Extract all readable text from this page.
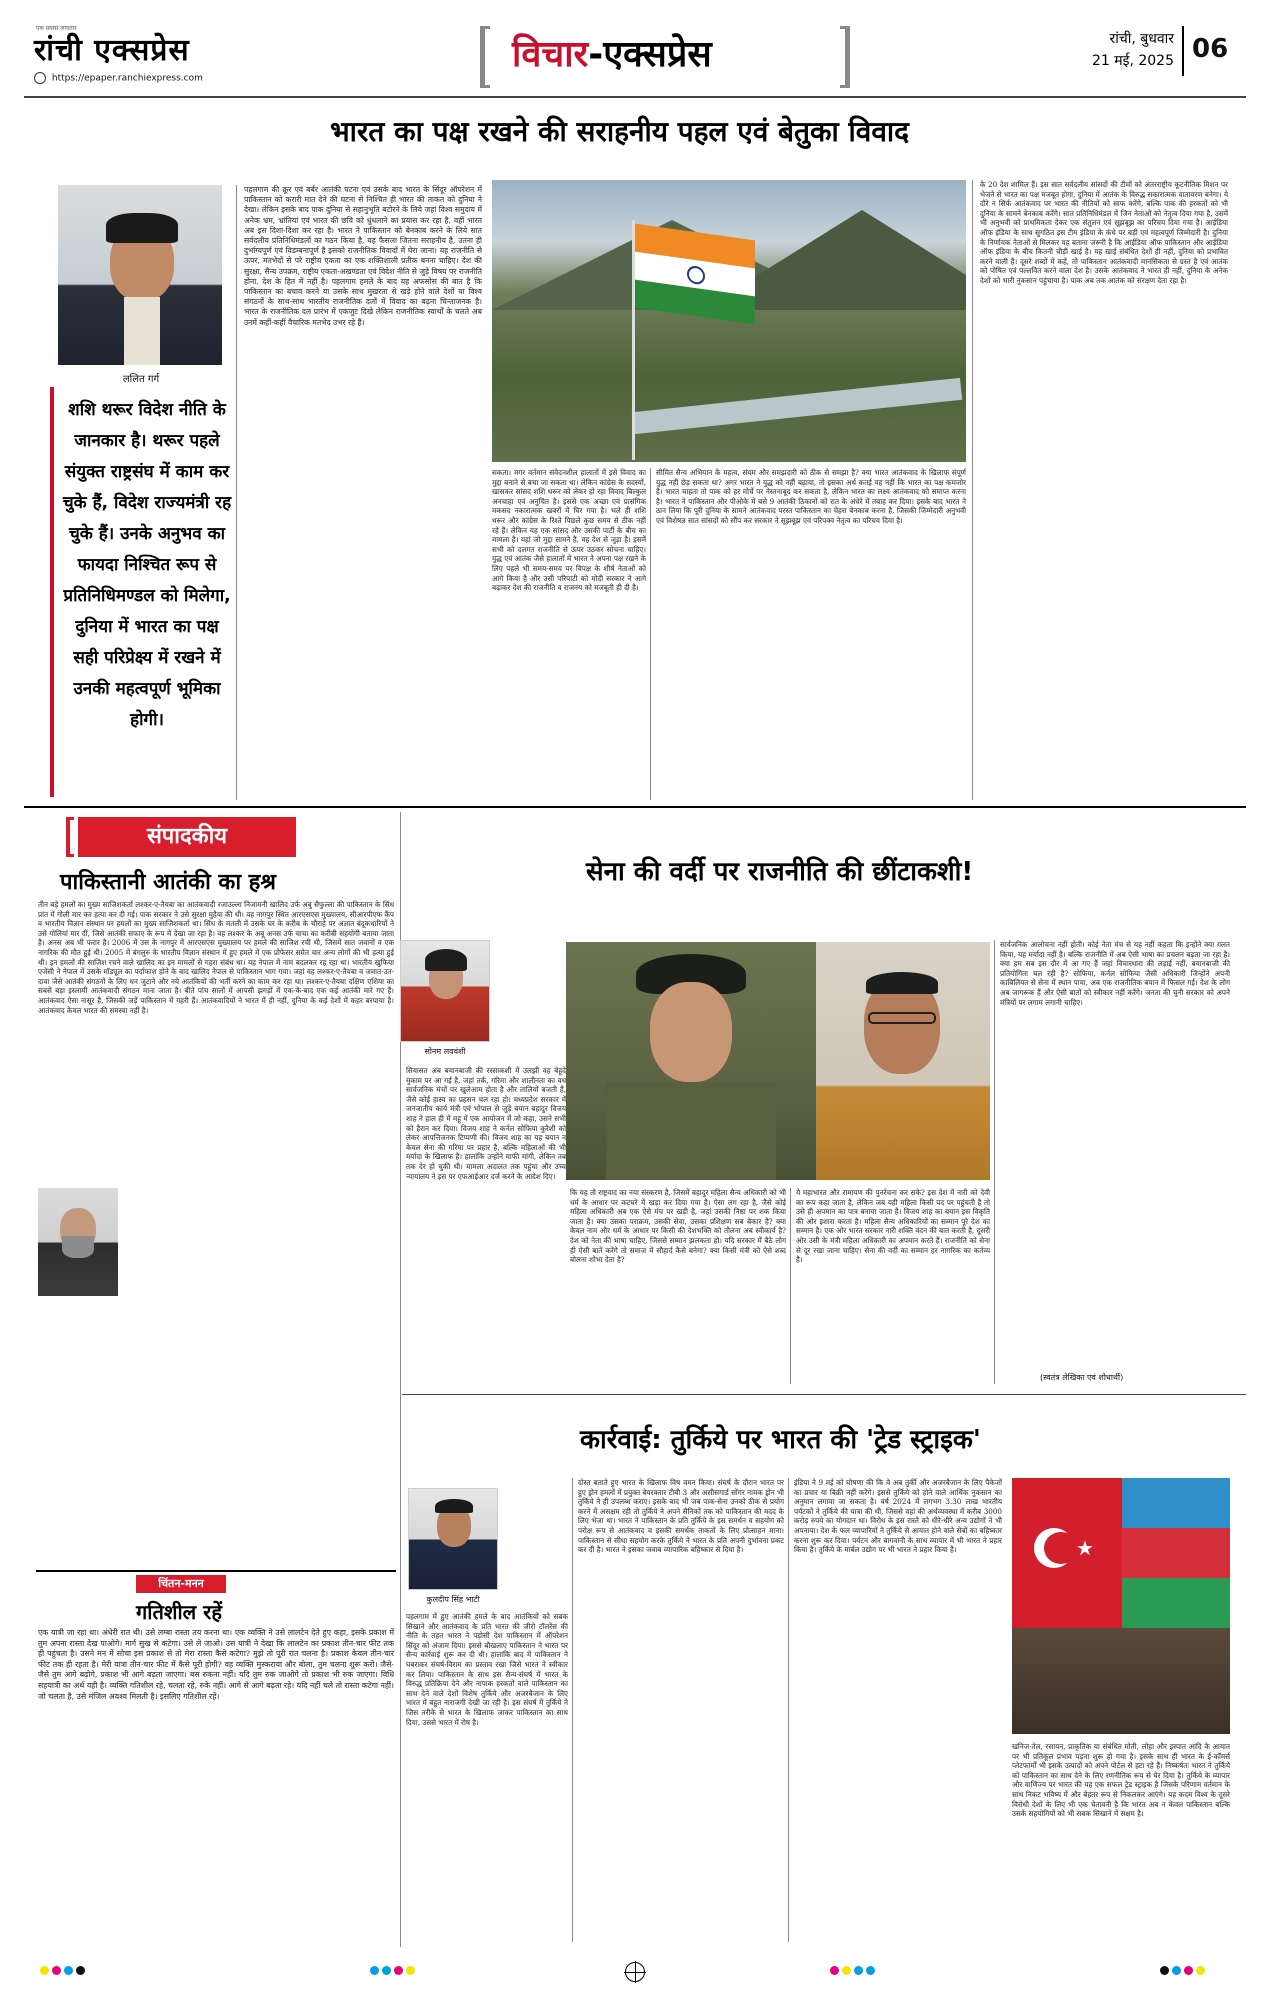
रांची एक्सप्रेस
एक प्रयास लगातार
https://epaper.ranchiexpress.com
विचार-एक्सप्रेस	रांची, बुधवार
21 मई, 2025 06
भारत का पक्ष रखने की सराहनीय पहल एवं बेतुका विवाद
ललित गर्ग
शशि थरूर विदेश नीति के जानकार है। थरूर पहले संयुक्त राष्ट्रसंघ में काम कर चुके हैं, विदेश राज्यमंत्री रह चुके हैं। उनके अनुभव का फायदा निश्चित रूप से प्रतिनिधिमण्डल को मिलेगा, दुनिया में भारत का पक्ष सही परिप्रेक्ष्य में रखने में उनकी महत्वपूर्ण भूमिका होगी।
पहलगाम की क्रूर एवं बर्बर आतंकी घटना एवं उसके बाद भारत के सिंदूर ऑपरेशन में पाकिस्तान को करारी मात देने की घटना से निश्चित ही भारत की ताकत को दुनिया ने देखा। लेकिन इसके बाद पाक दुनिया से सहानुभूति बटोरने के लिये जहां विश्व समुदाय में अनेक भ्रम, भ्रांतियां एवं भारत की छवि को धुंधलाने का प्रयास कर रहा है, वहीं भारत अब इस दिशा-दिशा कर रहा है। भारत ने पाकिस्तान को बेनकाब करने के लिये सात सर्वदलीय प्रतिनिधिमंडलों का गठन किया है, यह फैसला जितना सराहनीय है, उतना ही दुर्भाग्यपूर्ण एवं विडम्बनापूर्ण है इसको राजनीतिक विवादों में घेरा जाना। यह राजनीति से ऊपर, मतभेदों से परे राष्ट्रीय एकता का एक शक्तिशाली प्रतीक बनना चाहिए। देश की सुरक्षा, सैन्य उपक्रम, राष्ट्रीय एकता-अखण्डता एवं विदेश नीति से जुड़े विषय पर राजनीति होना, देश के हित में नहीं है। पहलगाम हमले के बाद यह अफसोस की बात है कि पाकिस्तान का बचाव करने या उसके साथ मुखरता से खड़े होने वाले देशों या विश्व संगठनों के साथ-साथ भारतीय राजनीतिक दलों में विवाद का बढ़ना चिन्ताजनक है। भारत के राजनीतिक दल प्रारंभ में एकजुट दिखे लेकिन राजनीतिक स्वार्थों के चलते अब उनमें कहीं-कहीं वैचारिक मतभेद उभर रहे हैं।
सकता। मगर वर्तमान संवेदनशील हालातों में इसे विवाद का मुद्दा बनाने से बचा जा सकता था। लेकिन कांग्रेस के सदस्यों, खासकर सांसद शशि थरूर को लेकर हो रहा विवाद बिल्कुल अनचाहा एवं अनुचित है। इससे एक अच्छा एवं प्रासंगिक मकसद नकारात्मक खबरों में घिर गया है। भले ही शशि थरूर और कांग्रेस के रिश्ते पिछले कुछ समय से ठीक नहीं रहे हैं। लेकिन यह एक सांसद और उसकी पार्टी के बीच का मामला है। यहां जो मुद्दा सामने है, वह देश से जुड़ा है। इसमें सभी को दलगत राजनीति से ऊपर उठकर सोचना चाहिए। युद्ध एवं आतंक जैसे हालातों में भारत ने अपना पक्ष रखने के लिए पहले भी समय-समय पर विपक्ष के शीर्ष नेताओं को आगे किया है और उसी परिपाटी को मोदी सरकार ने आगे बढ़ाकर देश की राजनीति व राजनय को मजबूती ही दी है।
सीमित सैन्य अभियान के महत्व, संयम और समझदारी को ठीक से समझा है? क्या भारत आतंकवाद के खिलाफ संपूर्ण युद्ध नहीं छेड़ सकता था? अगर भारत ने युद्ध को नहीं बढ़ाया, तो इसका अर्थ कतई यह नहीं कि भारत का पक्ष कमजोर है। भारत चाहता तो पाक को हर मोर्चे पर नेस्तनाबूद कर सकता है, लेकिन भारत का लक्ष्य आतंकवाद को समाप्त करना है। भारत ने पाकिस्तान और पीओके में बसे 9 आतंकी ठिकानों को रात के अंधेरे में तबाह कर दिया। इसके बाद भारत ने ठान लिया कि पूरी दुनिया के सामने आतंकवाद परस्त पाकिस्तान का चेहरा बेनकाब करना है, जिसकी जिम्मेदारी अनुभवी एवं विशेषज्ञ सात सांसदों को सौंप कर सरकार ने सूझबूझ एवं परिपक्व नेतृत्व का परिचय दिया है।
के 20 देश शामिल हैं। इस सात सर्वदलीय सांसदों की टीमों को अंतरराष्ट्रीय कूटनीतिक मिशन पर भेजने से भारत का पक्ष मजबूत होगा, दुनिया में आतंक के विरुद्ध सकारात्मक वातावरण बनेगा। ये दौरे न सिर्फ आतंकवाद पर भारत की नीतियों को साफ करेंगे, बल्कि पाक की हरकतों को भी दुनिया के सामने बेनकाब करेंगे। सात प्रतिनिधिमंडल में जिन नेताओं को नेतृत्व दिया गया है, उसमें भी अनुभवी को प्राथमिकता देकर एक संतुलन एवं सूझबूझ का परिचय दिया गया है। आईडिया ऑफ इंडिया के साथ सुगठित इस टीम इंडिया के कंधे पर बड़ी एवं महत्वपूर्ण जिम्मेदारी है। दुनिया के निर्णायक नेताओं से मिलकर यह बताना जरूरी है कि आईडिया ऑफ पाकिस्तान और आईडिया ऑफ इंडिया के बीच कितनी चौड़ी खाई है। यह खाई संबंधित देशों ही नहीं, दुनिया को प्रभावित करने वाली है। दूसरे शब्दों में कहें, तो पाकिस्तान आतंकवादी मानसिकता से ग्रस्त है एवं आतंक को पोषित एवं पल्लवित करने वाला देश है। उसके आतंकवाद ने भारत ही नहीं, दुनिया के अनेक देशों को भारी नुकसान पहुंचाया है। पाक अब तक आतंक को संरक्षण देता रहा है।
संपादकीय
पाकिस्तानी आतंकी का हश्र
तीन बड़े हमलों का मुख्य साजिशकर्ता लश्कर-ए-तैयबा का आतंकवादी रजाउल्ला निजामनी खालिद उर्फ अबु सैफुल्ला की पाकिस्तान के सिंध प्रांत में गोली मार कर हत्या कर दी गई। पाक सरकार ने उसे सुरक्षा मुहैया की थी। वह नागपुर स्थित आरएसएस मुख्यालय, सीआरपीएफ कैंप व भारतीय विज्ञान संस्थान पर हमलों का मुख्य साजिशकर्ता था। सिंध के मतली में उसके घर के करीब के चौराहे पर अज्ञात बंदूकधारियों ने उसे गोलियां मार दीं, जिसे आतंकी सफाए के रूप में देखा जा रहा है। वह लश्कर के अबू अनस उर्फ चाचा का करीबी सहयोगी बताया जाता है। अनस अब भी फरार है। 2006 में उस के नागपुर में आरएसएस मुख्यालय पर हमले की साजिश रची थी, जिसमें सात जवानों व एक नागरिक की मौत हुई थी। 2005 में बंगलुरु के भारतीय विज्ञान संस्थान में हुए हमले में एक प्रोफेसर समेत चार अन्य लोगों की भी हत्या हुई थी। इन हमलों की साजिश रचने वाले खालिद का इन मामलों से गहरा संबंध था। यह नेपाल में नाम बदलकर रह रहा था। भारतीय खुफिया एजेंसी ने नेपाल में उसके मॉड्यूल का पर्दाफाश होने के बाद खालिद नेपाल से पाकिस्तान भाग गया। जहां वह लश्कर-ए-तैयबा व जमात-उत-दावा जैसे आतंकी संगठनों के लिए धन जुटाने और नये आतंकियों की भर्ती करने का काम कर रहा था। लश्कर-ए-तैयबा दक्षिण एशिया का सबसे बड़ा इस्लामी आतंकवादी संगठन माना जाता है। बीते पांच सालों में आपसी झगड़ों में एक-के-बाद एक कई आतंकी मारे गए हैं। आतंकवाद ऐसा नासूर है, जिसकी जड़ें पाकिस्तान में गहरी हैं। आतंकवादियों ने भारत में ही नहीं, दुनिया के कई देशों में कहर बरपाया है। आतंकवाद केवल भारत की समस्या नहीं है।
चिंतन-मनन
गतिशील रहें
एक यात्री जा रहा था। अंधेरी रात थी। उसे लम्बा रास्ता तय करना था। एक व्यक्ति ने उसे लालटेन देते हुए कहा, इसके प्रकाश में तुम अपना रास्ता देख पाओगे। मार्ग सुख से कटेगा। उसे ले जाओ। उस यात्री ने देखा कि लालटेन का प्रकाश तीन-चार फीट तक ही पहुंचता है। उसने मन में सोचा इस प्रकाश से तो मेरा रास्ता कैसे कटेगा? मुझे तो पूरी रात चलना है। प्रकाश केवल तीन-चार फीट तक ही रहता है। मेरी यात्रा तीन-चार फीट में कैसे पूरी होगी? वह व्यक्ति मुस्कराया और बोला, तुम चलना शुरू करो। जैसे-जैसे तुम आगे बढ़ोगे, प्रकाश भी आगे बढ़ता जाएगा। बस रुकना नहीं। यदि तुम रुक जाओगे तो प्रकाश भी रुक जाएगा। विधि सहयात्री का अर्थ यही है। व्यक्ति गतिशील रहे, चलता रहे, रुके नहीं। आगे से आगे बढ़ता रहे। यदि नहीं चले तो रास्ता कटेगा नहीं। जो चलता है, उसे मंजिल अवश्य मिलती है। इसलिए गतिशील रहें।
सेना की वर्दी पर राजनीति की छींटाकशी!
सोनम लववंशी
सियासत अब बयानबाजी की रस्साकशी में उलझी वह बेहूदे मुकाम पर आ गई है, जहां तर्क, गरिमा और शालीनता का वध सार्वजनिक मंचों पर खुलेआम होता है और तालियों बजती हैं, जैसे कोई हास्य का प्रहसन चल रहा हो। मध्यप्रदेश सरकार में जनजातीय कार्य मंत्री एवं भोपाल से जुड़े बयान बहादुर विजय शाह ने हाल ही में महू में एक आयोजन में जो कहा, उसने सभी को हैरान कर दिया। विजय शाह ने कर्नल सोफिया कुरैशी को लेकर आपत्तिजनक टिप्पणी की। विजय शाह का यह बयान न केवल सेना की गरिमा पर प्रहार है, बल्कि महिलाओं की भी मर्यादा के खिलाफ है। हालांकि उन्होंने माफी मांगी, लेकिन तब तक देर हो चुकी थी। मामला अदालत तक पहुंचा और उच्च न्यायालय ने इस पर एफआईआर दर्ज करने के आदेश दिए।
कि यह तो राष्ट्रवाद का नया संस्करण है, जिसमें बहादुर महिला सैन्य अधिकारी को भी धर्म के आधार पर कटघरे में खड़ा कर दिया गया है। ऐसा लग रहा है, जैसे कोई महिला अधिकारी अब एक ऐसे मंच पर खड़ी है, जहां उसकी निष्ठा पर शक किया जाता है। क्या उसका पराक्रम, उसकी सेवा, उसका प्रशिक्षण सब बेकार है? क्या केवल नाम और धर्म के आधार पर किसी की देशभक्ति को तौलना अब स्वीकार्य है? देश को नेता की भाषा चाहिए, जिससे सम्मान झलकता हो। यदि सरकार में बैठे लोग ही ऐसी बातें करेंगे तो समाज में सौहार्द कैसे बनेगा? क्या किसी मंत्री को ऐसे शब्द बोलना शोभा देता है?
ये महाभारत और रामायण की पुनर्रचना कर सके? इस देश में नारी को देवी का रूप कहा जाता है, लेकिन जब यही महिला किसी पद पर पहुंचती है तो उसे ही अपमान का पात्र बनाया जाता है। विजय शाह का बयान इस विकृति की ओर इशारा करता है। महिला सैन्य अधिकारियों का सम्मान पूरे देश का सम्मान है। एक ओर भारत सरकार नारी शक्ति वंदन की बात करती है, दूसरी ओर उसी के मंत्री महिला अधिकारी का अपमान करते हैं। राजनीति को सेना से दूर रखा जाना चाहिए। सेना की वर्दी का सम्मान हर नागरिक का कर्तव्य है।
सार्वजनिक आलोचना नहीं होती। कोई नेता मंच से यह नहीं कहता कि इन्होंने क्या गलत किया, यह मर्यादा नहीं है। बल्कि राजनीति में अब ऐसी भाषा का प्रचलन बढ़ता जा रहा है। क्या हम सब इस दौर में आ गए हैं जहां विचारधारा की लड़ाई नहीं, बयानबाजी की प्रतियोगिता चल रही है? सोफिया, कर्नल सोफिया जैसी अधिकारी जिन्होंने अपनी काबिलियत से सेना में स्थान पाया, अब एक राजनीतिक बयान में फिसल गई। देश के लोग अब जागरूक हैं और ऐसी बातों को स्वीकार नहीं करेंगे। जनता की चुनी सरकार को अपने मंत्रियों पर लगाम लगानी चाहिए।
(स्वतंत्र लेखिका एवं शोधार्थी)
कार्रवाई: तुर्किये पर भारत की 'ट्रेड स्ट्राइक'
कुलदीप सिंह भाटी
पहलगाम में हुए आतंकी हमले के बाद आतंकियों को सबक सिखाने और आतंकवाद के प्रति भारत की जीरो टॉलरेंस की नीति के तहत भारत ने पड़ोसी देश पाकिस्तान में ऑपरेशन सिंदूर को अंजाम दिया। इससे बौखलाए पाकिस्तान ने भारत पर सैन्य कार्रवाई शुरू कर दी थी। हालांकि बाद में पाकिस्तान ने घबराकर संघर्ष-विराम का प्रस्ताव रखा जिसे भारत ने स्वीकार कर लिया। पाकिस्तान के साथ इस सैन्य-संघर्ष में भारत के विरुद्ध प्रतिक्रिया देने और नापाक हरकतों वाले पाकिस्तान का साथ देने वाले देशों विशेष तुर्किये और अजरबैजान के लिए भारत में बहुत नाराजगी देखी जा रही है। इस संघर्ष में तुर्किये ने जिस तरीके से भारत के खिलाफ जाकर पाकिस्तान का साथ दिया, उससे भारत में रोष है।
दोस्त बताते हुए भारत के खिलाफ विष वमन किया। संघर्ष के दौरान भारत पर हुए ड्रोन हमलों में प्रयुक्त बेयरक्तार टीबी 3 और असीसगार्ड सोंगर नामक ड्रोन भी तुर्किये ने ही उपलब्ध कराए। इसके बाद भी जब पाक-सेना उनको ठीक से प्रयोग करने में असक्षम रही तो तुर्किये ने अपने सैनिकों तक को पाकिस्तान की मदद के लिए भेजा था। भारत ने पाकिस्तान के प्रति तुर्किये के इस समर्थन व सहयोग को परोक्ष रूप से आतंकवाद व इसकी समर्थक ताकतों के लिए प्रोत्साहन माना। पाकिस्तान से सीधा सहयोग करके तुर्किये ने भारत के प्रति अपनी दुर्भावना प्रकट कर दी है। भारत ने इसका जवाब व्यापारिक बहिष्कार से दिया है।
इंडिया ने 9 मई को घोषणा की कि वे अब तुर्की और अजरबैजान के लिए पैकेजों का प्रचार या बिक्री नहीं करेंगे। इससे तुर्किये को होने वाले आर्थिक नुकसान का अनुमान लगाया जा सकता है। वर्ष 2024 में लगभग 3.30 लाख भारतीय पर्यटकों ने तुर्किये की यात्रा की थी, जिससे वहां की अर्थव्यवस्था में करीब 3000 करोड़ रुपये का योगदान था। विरोध के इस रास्ते को धीरे-धीरे अन्य उद्योगों ने भी अपनाया। देश के फल व्यापारियों ने तुर्किये से आयात होने वाले सेबों का बहिष्कार करना शुरू कर दिया। पर्यटन और बागवानी के साथ व्यापार में भी भारत ने प्रहार किया है। तुर्किये के मार्बल उद्योग पर भी भारत ने प्रहार किया है।	★
खनिज-तेल, रसायन, प्राकृतिक या संबंधित मोती, लोहा और इस्पात आदि के आयात पर भी प्रतिकूल प्रभाव पड़ना शुरू हो गया है। इसके साथ ही भारत के ई-कॉमर्स प्लेटफार्मों भी इसके उत्पादों को अपने पोर्टल से हटा रहे हैं। निष्कर्षतः भारत ने तुर्किये को पाकिस्तान का साथ देने के लिए रणनीतिक रूप से घेर दिया है। तुर्किये के व्यापार और वाणिज्य पर भारत की यह एक सफल ट्रेड स्ट्राइक है जिसके परिणाम वर्तमान के साथ निकट भविष्य में और बेहतर रूप से निकलकर आएंगे। यह कदम विश्व के दूसरे विरोधी देशों के लिए भी एक चेतावनी है कि भारत अब न केवल पाकिस्तान बल्कि उसके सहयोगियों को भी सबक सिखाने में सक्षम है।
